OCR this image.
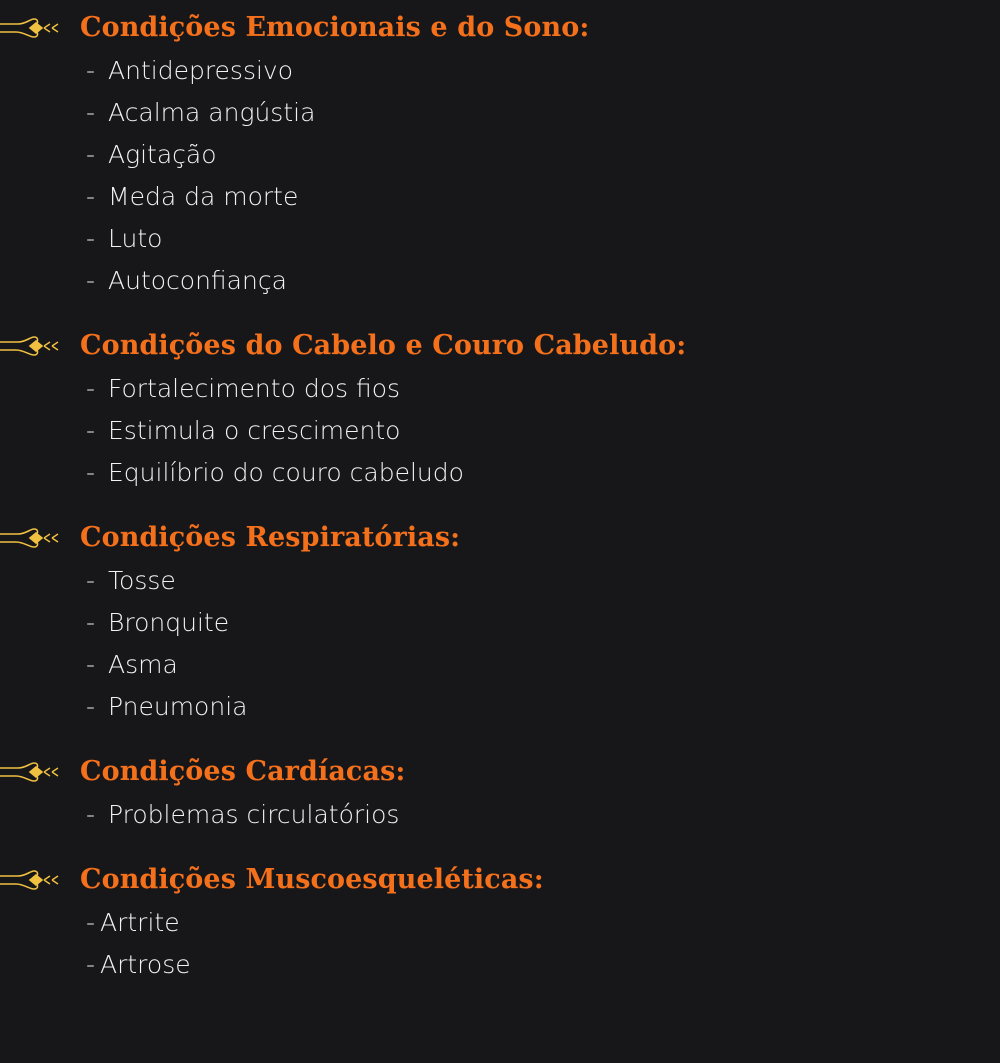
Condições Emocionais e do Sono:
- Antidepressivo
- Acalma angústia
- Agitação
- Meda da morte
- Luto
- Autoconfiança
Condições do Cabelo e Couro Cabeludo:
- Fortalecimento dos fios
- Estimula o crescimento
- Equilíbrio do couro cabeludo
Condições Respiratórias:
- Tosse
- Bronquite
- Asma
- Pneumonia
Condições Cardíacas:
- Problemas circulatórios
Condições Muscoesqueléticas:
- Artrite
- Artrose
